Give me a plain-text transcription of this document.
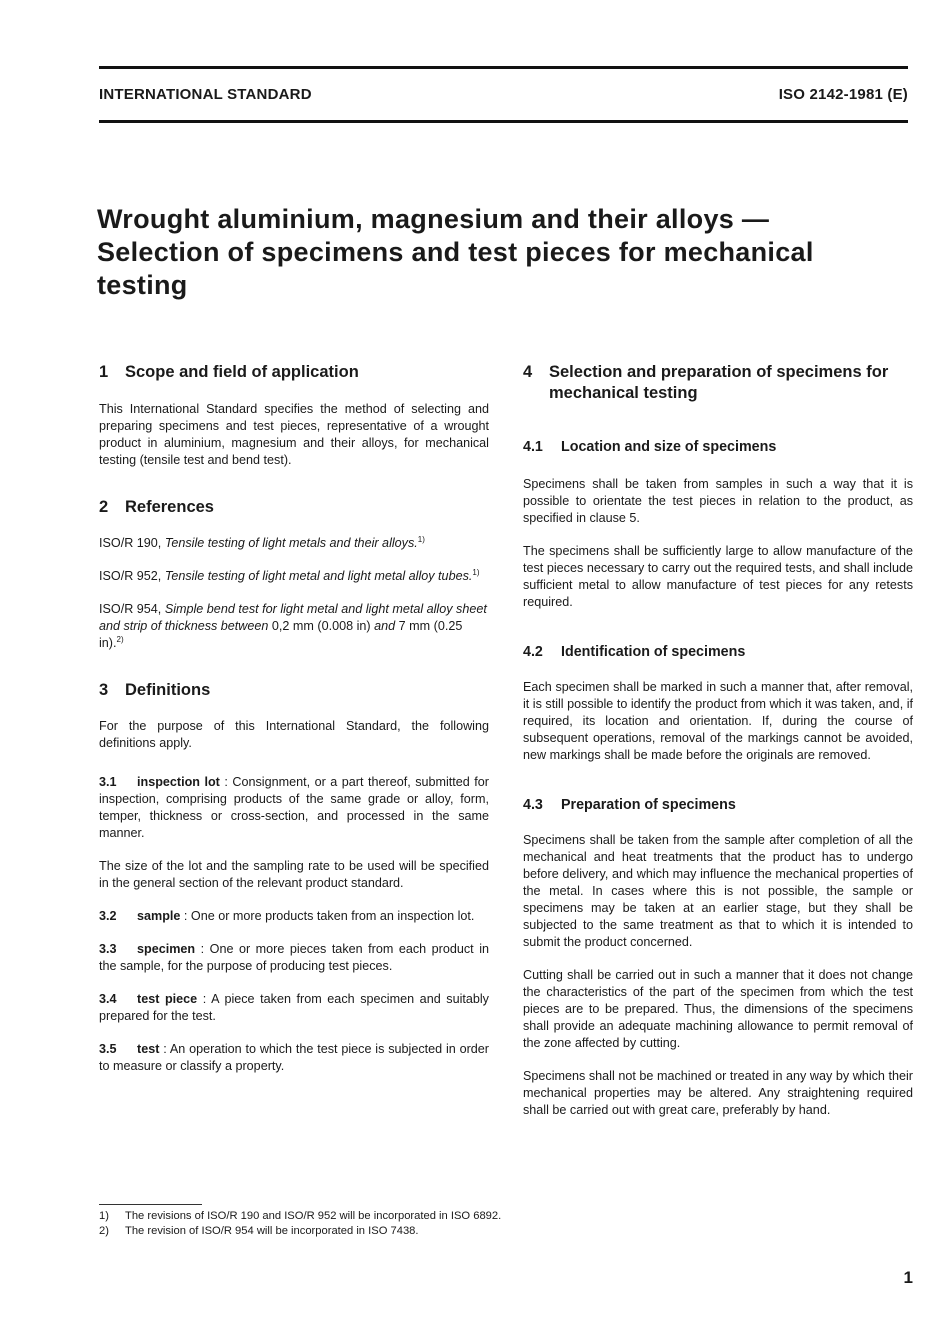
INTERNATIONAL STANDARD	ISO 2142-1981 (E)
Wrought aluminium, magnesium and their alloys —
Selection of specimens and test pieces for mechanical
testing
1 Scope and field of application

This International Standard specifies the method of selecting and preparing specimens and test pieces, representative of a wrought product in aluminium, magnesium and their alloys, for mechanical testing (tensile test and bend test).

2 References

ISO/R 190, Tensile testing of light metals and their alloys.$^{1)}$

ISO/R 952, Tensile testing of light metal and light metal alloy tubes.$^{1)}$

ISO/R 954, Simple bend test for light metal and light metal alloy sheet and strip of thickness between 0,2 mm (0.008 in) and 7 mm (0.25 in).$^{2)}$

3 Definitions

For the purpose of this International Standard, the following definitions apply.

3.1 inspection lot : Consignment, or a part thereof, submitted for inspection, comprising products of the same grade or alloy, form, temper, thickness or cross-section, and processed in the same manner.

The size of the lot and the sampling rate to be used will be specified in the general section of the relevant product standard.

3.2 sample : One or more products taken from an inspection lot.

3.3 specimen : One or more pieces taken from each product in the sample, for the purpose of producing test pieces.

3.4 test piece : A piece taken from each specimen and suitably prepared for the test.

3.5 test : An operation to which the test piece is subjected in order to measure or classify a property.

4	Selection and preparation of specimens for mechanical testing
4.1 Location and size of specimens

Specimens shall be taken from samples in such a way that it is possible to orientate the test pieces in relation to the product, as specified in clause 5.

The specimens shall be sufficiently large to allow manufacture of the test pieces necessary to carry out the required tests, and shall include sufficient metal to allow manufacture of test pieces for any retests required.

4.2 Identification of specimens

Each specimen shall be marked in such a manner that, after removal, it is still possible to identify the product from which it was taken, and, if required, its location and orientation. If, during the course of subsequent operations, removal of the markings cannot be avoided, new markings shall be made before the originals are removed.

4.3 Preparation of specimens

Specimens shall be taken from the sample after completion of all the mechanical and heat treatments that the product has to undergo before delivery, and which may influence the mechanical properties of the metal. In cases where this is not possible, the sample or specimens may be taken at an earlier stage, but they shall be subjected to the same treatment as that to which it is intended to submit the product concerned.

Cutting shall be carried out in such a manner that it does not change the characteristics of the part of the specimen from which the test pieces are to be prepared. Thus, the dimensions of the specimens shall provide an adequate machining allowance to permit removal of the zone affected by cutting.

Specimens shall not be machined or treated in any way by which their mechanical properties may be altered. Any straightening required shall be carried out with great care, preferably by hand.

1) The revisions of ISO/R 190 and ISO/R 952 will be incorporated in ISO 6892.
2) The revision of ISO/R 954 will be incorporated in ISO 7438.
1
